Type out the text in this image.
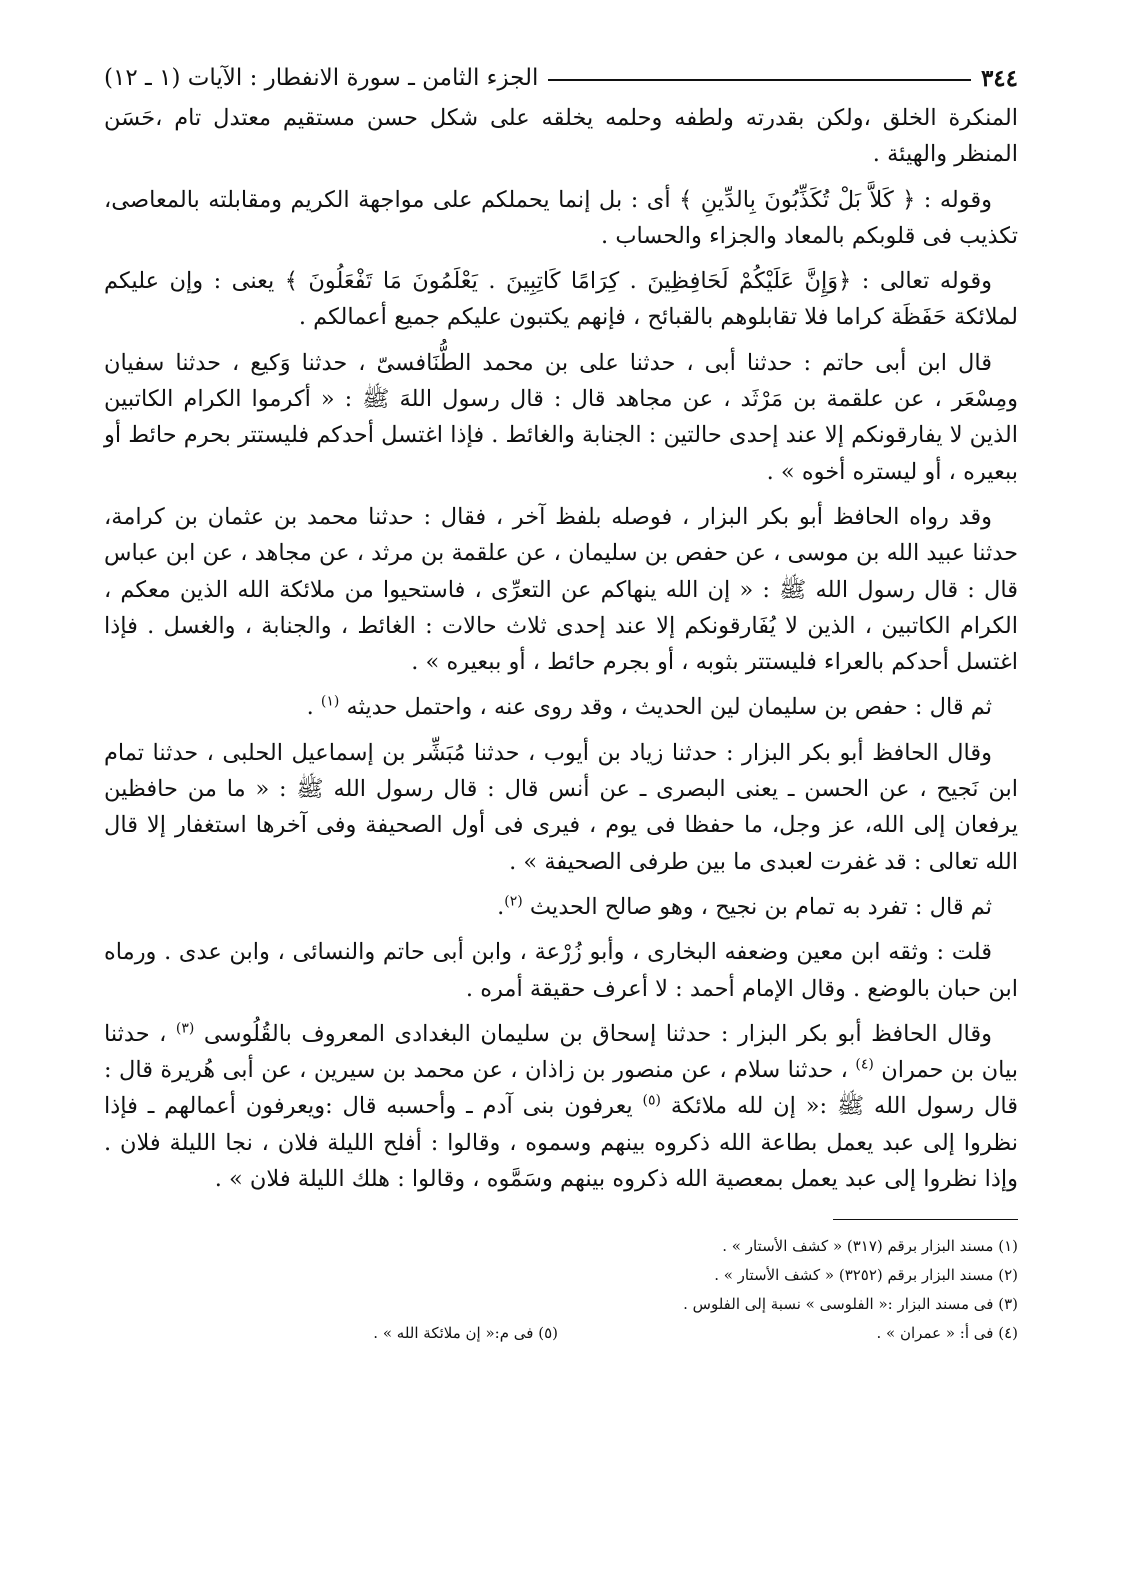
٣٤٤
الجزء الثامن ـ سورة الانفطار : الآيات (١ ـ ١٢)

المنكرة الخلق ،ولكن بقدرته ولطفه وحلمه يخلقه على شكل حسن مستقيم معتدل تام ،حَسَن المنظر والهيئة .

وقوله : ﴿ كَلاَّ بَلْ تُكَذِّبُونَ بِالدِّينِ ﴾ أى : بل إنما يحملكم على مواجهة الكريم ومقابلته بالمعاصى، تكذيب فى قلوبكم بالمعاد والجزاء والحساب .

وقوله تعالى : ﴿وَإِنَّ عَلَيْكُمْ لَحَافِظِينَ . كِرَامًا كَاتِبِينَ . يَعْلَمُونَ مَا تَفْعَلُونَ ﴾ يعنى : وإن عليكم لملائكة حَفَظَة كراما فلا تقابلوهم بالقبائح ، فإنهم يكتبون عليكم جميع أعمالكم .

قال ابن أبى حاتم : حدثنا أبى ، حدثنا على بن محمد الطُّنَافسىّ ، حدثنا وَكيع ، حدثنا سفيان ومِسْعَر ، عن علقمة بن مَرْثَد ، عن مجاهد قال : قال رسول اللهَ ﷺ : « أكرموا الكرام الكاتبين الذين لا يفارقونكم إلا عند إحدى حالتين : الجنابة والغائط . فإذا اغتسل أحدكم فليستتر بحرم حائط أو ببعيره ، أو ليستره أخوه » .

وقد رواه الحافظ أبو بكر البزار ، فوصله بلفظ آخر ، فقال : حدثنا محمد بن عثمان بن كرامة، حدثنا عبيد الله بن موسى ، عن حفص بن سليمان ، عن علقمة بن مرثد ، عن مجاهد ، عن ابن عباس قال : قال رسول الله ﷺ : « إن الله ينهاكم عن التعرِّى ، فاستحيوا من ملائكة الله الذين معكم ، الكرام الكاتبين ، الذين لا يُفَارقونكم إلا عند إحدى ثلاث حالات : الغائط ، والجنابة ، والغسل . فإذا اغتسل أحدكم بالعراء فليستتر بثوبه ، أو بجرم حائط ، أو ببعيره » .

ثم قال : حفص بن سليمان لين الحديث ، وقد روى عنه ، واحتمل حديثه $^{(١)}$ .

وقال الحافظ أبو بكر البزار : حدثنا زياد بن أيوب ، حدثنا مُبَشِّر بن إسماعيل الحلبى ، حدثنا تمام ابن نَجيح ، عن الحسن ـ يعنى البصرى ـ عن أنس قال : قال رسول الله ﷺ : « ما من حافظين يرفعان إلى الله، عز وجل، ما حفظا فى يوم ، فيرى فى أول الصحيفة وفى آخرها استغفار إلا قال الله تعالى : قد غفرت لعبدى ما بين طرفى الصحيفة » .

ثم قال : تفرد به تمام بن نجيح ، وهو صالح الحديث $^{(٢)}$.

قلت : وثقه ابن معين وضعفه البخارى ، وأبو زُرْعة ، وابن أبى حاتم والنسائى ، وابن عدى . ورماه ابن حبان بالوضع . وقال الإمام أحمد : لا أعرف حقيقة أمره .

وقال الحافظ أبو بكر البزار : حدثنا إسحاق بن سليمان البغدادى المعروف بالقُلُوسى $^{(٣)}$ ، حدثنا بيان بن حمران $^{(٤)}$ ، حدثنا سلام ، عن منصور بن زاذان ، عن محمد بن سيرين ، عن أبى هُريرة قال : قال رسول الله ﷺ :« إن لله ملائكة $^{(٥)}$ يعرفون بنى آدم ـ وأحسبه قال :ويعرفون أعمالهم ـ فإذا نظروا إلى عبد يعمل بطاعة الله ذكروه بينهم وسموه ، وقالوا : أفلح الليلة فلان ، نجا الليلة فلان . وإذا نظروا إلى عبد يعمل بمعصية الله ذكروه بينهم وسَمَّوه ، وقالوا : هلك الليلة فلان » .

(١) مسند البزار برقم (٣١٧) « كشف الأستار » .
(٢) مسند البزار برقم (٣٢٥٢) « كشف الأستار » .
(٣) فى مسند البزار :« الفلوسى » نسبة إلى الفلوس .
(٤) فى أ: « عمران » .
(٥) فى م:« إن ملائكة الله » .
